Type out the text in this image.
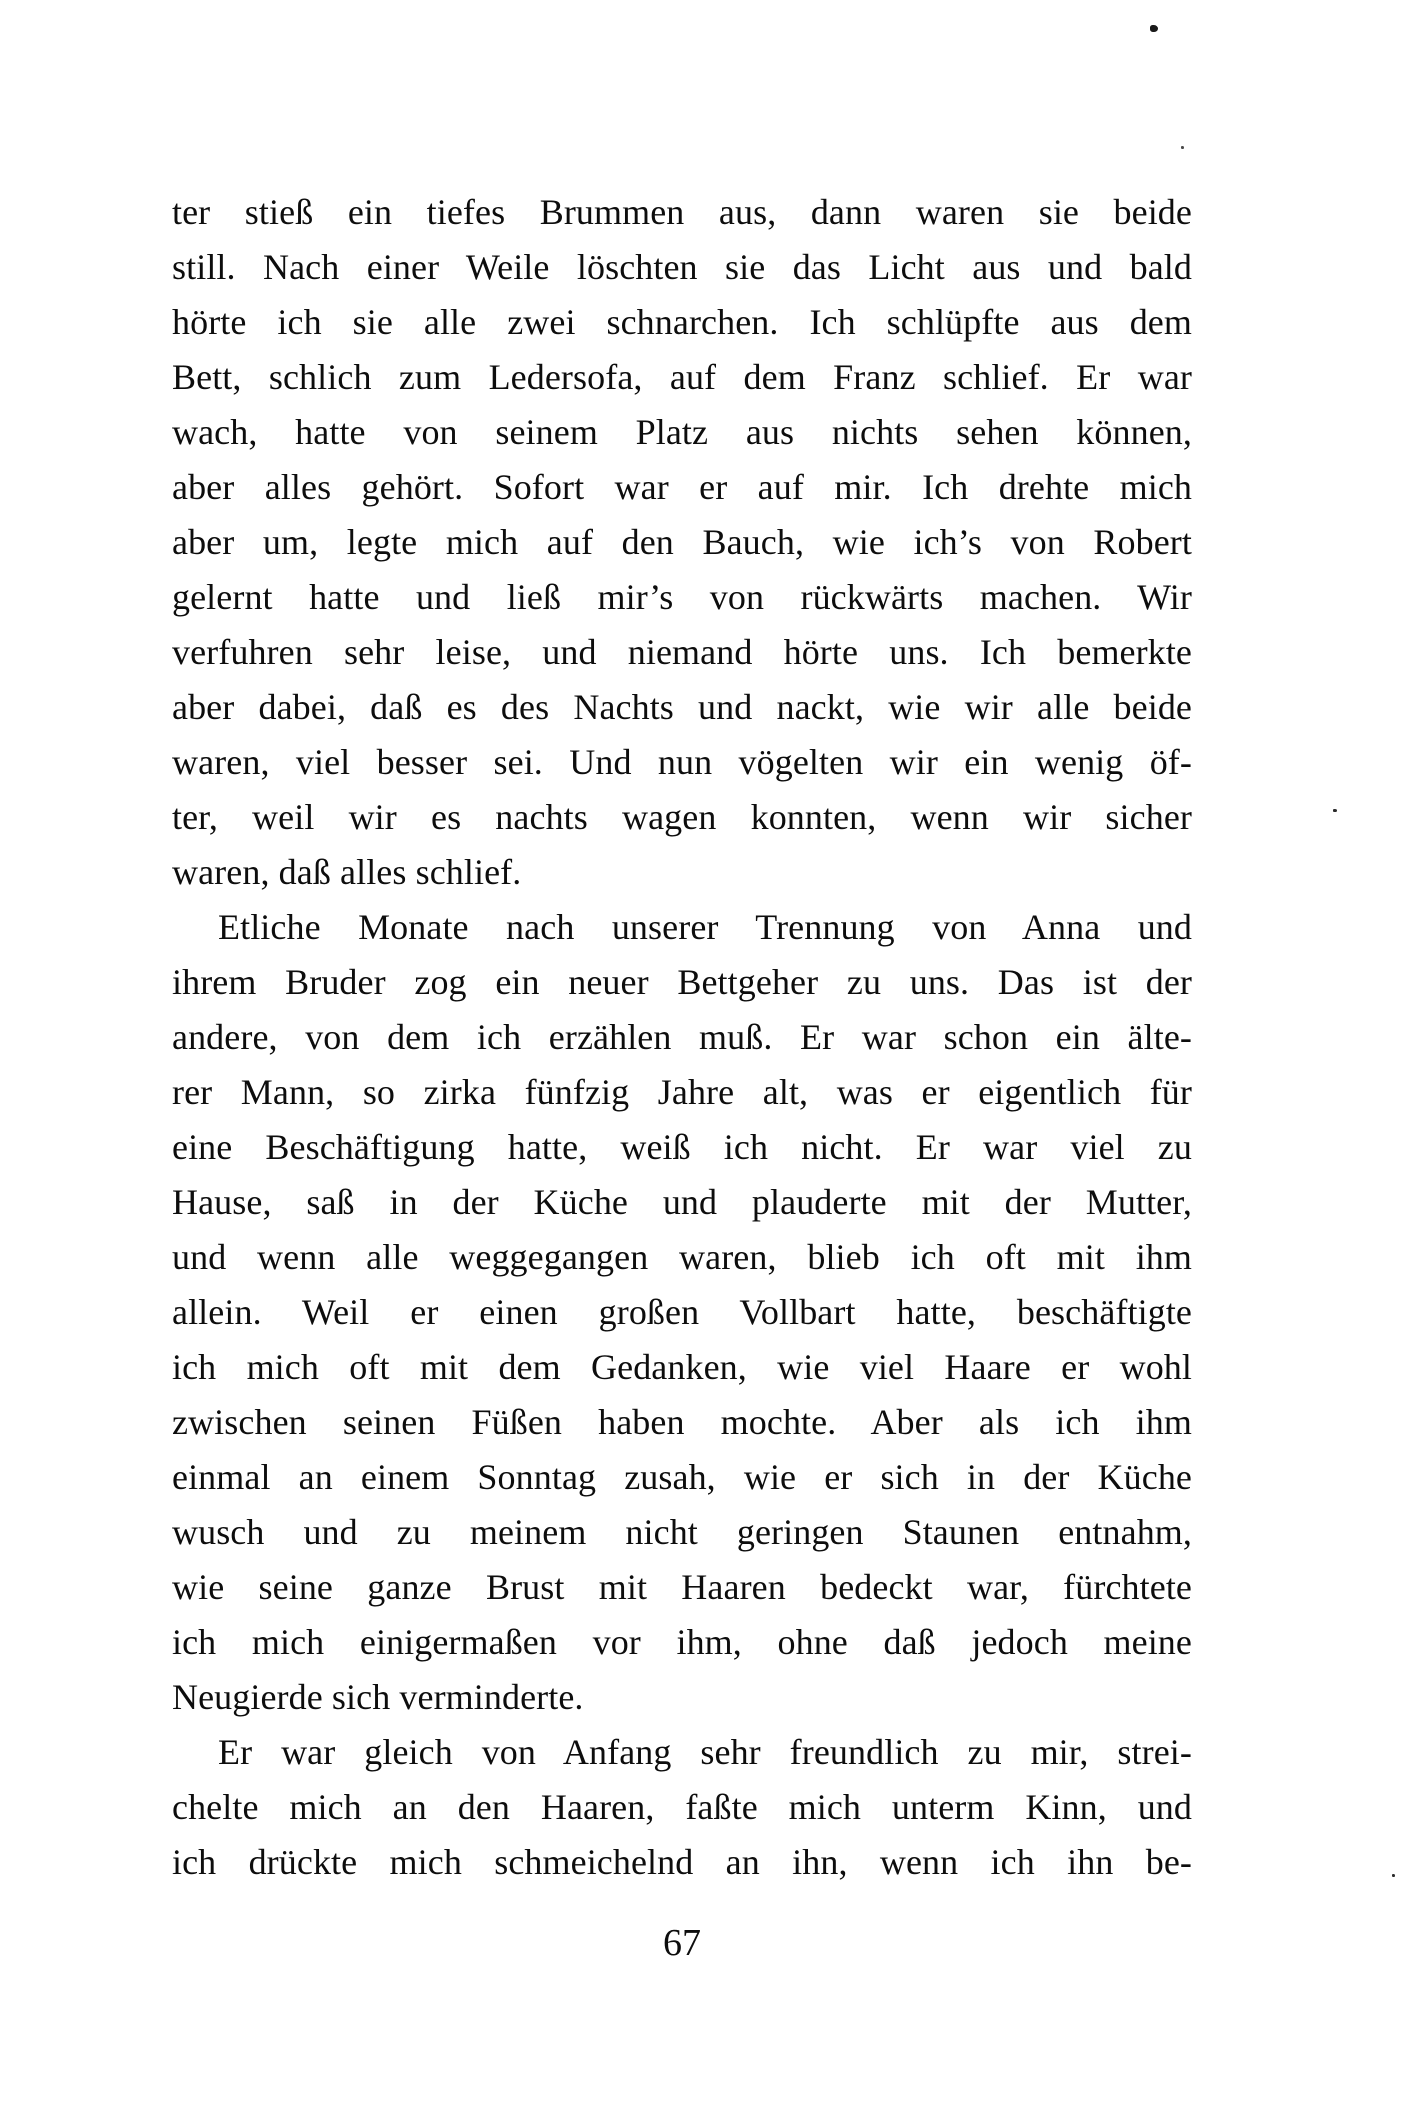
ter stieß ein tiefes Brummen aus, dann waren sie beide
still. Nach einer Weile löschten sie das Licht aus und bald
hörte ich sie alle zwei schnarchen. Ich schlüpfte aus dem
Bett, schlich zum Ledersofa, auf dem Franz schlief. Er war
wach, hatte von seinem Platz aus nichts sehen können,
aber alles gehört. Sofort war er auf mir. Ich drehte mich
aber um, legte mich auf den Bauch, wie ich’s von Robert
gelernt hatte und ließ mir’s von rückwärts machen. Wir
verfuhren sehr leise, und niemand hörte uns. Ich bemerkte
aber dabei, daß es des Nachts und nackt, wie wir alle beide
waren, viel besser sei. Und nun vögelten wir ein wenig öf-
ter, weil wir es nachts wagen konnten, wenn wir sicher
waren, daß alles schlief.
Etliche Monate nach unserer Trennung von Anna und
ihrem Bruder zog ein neuer Bettgeher zu uns. Das ist der
andere, von dem ich erzählen muß. Er war schon ein älte-
rer Mann, so zirka fünfzig Jahre alt, was er eigentlich für
eine Beschäftigung hatte, weiß ich nicht. Er war viel zu
Hause, saß in der Küche und plauderte mit der Mutter,
und wenn alle weggegangen waren, blieb ich oft mit ihm
allein. Weil er einen großen Vollbart hatte, beschäftigte
ich mich oft mit dem Gedanken, wie viel Haare er wohl
zwischen seinen Füßen haben mochte. Aber als ich ihm
einmal an einem Sonntag zusah, wie er sich in der Küche
wusch und zu meinem nicht geringen Staunen entnahm,
wie seine ganze Brust mit Haaren bedeckt war, fürchtete
ich mich einigermaßen vor ihm, ohne daß jedoch meine
Neugierde sich verminderte.
Er war gleich von Anfang sehr freundlich zu mir, strei-
chelte mich an den Haaren, faßte mich unterm Kinn, und
ich drückte mich schmeichelnd an ihn, wenn ich ihn be-
67
